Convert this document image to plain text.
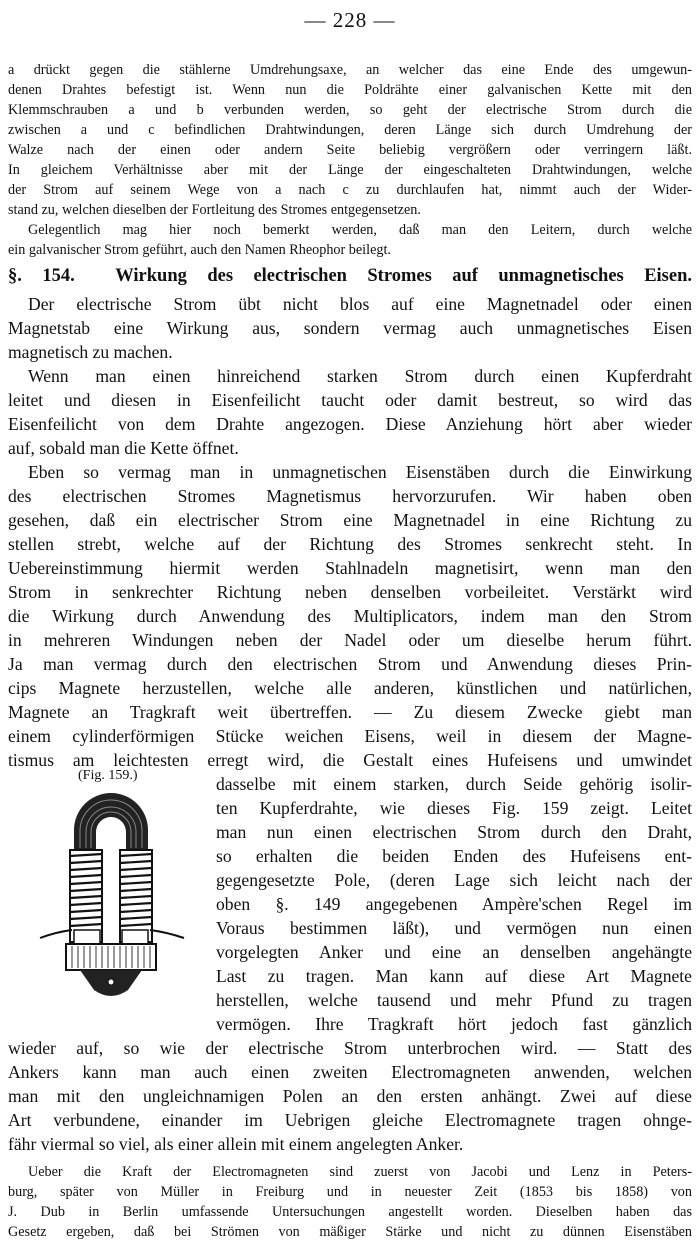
— 228 —
a drückt gegen die stählerne Umdrehungsaxe, an welcher das eine Ende des umgewun-
denen Drahtes befestigt ist. Wenn nun die Poldrähte einer galvanischen Kette mit den
Klemmschrauben a und b verbunden werden, so geht der electrische Strom durch die
zwischen a und c befindlichen Drahtwindungen, deren Länge sich durch Umdrehung der
Walze nach der einen oder andern Seite beliebig vergrößern oder verringern läßt.
In gleichem Verhältnisse aber mit der Länge der eingeschalteten Drahtwindungen, welche
der Strom auf seinem Wege von a nach c zu durchlaufen hat, nimmt auch der Wider-
stand zu, welchen dieselben der Fortleitung des Stromes entgegensetzen.
Gelegentlich mag hier noch bemerkt werden, daß man den Leitern, durch welche
ein galvanischer Strom geführt, auch den Namen Rheophor beilegt.
§. 154. Wirkung des electrischen Stromes auf unmagnetisches Eisen.
Der electrische Strom übt nicht blos auf eine Magnetnadel oder einen
Magnetstab eine Wirkung aus, sondern vermag auch unmagnetisches Eisen
magnetisch zu machen.
Wenn man einen hinreichend starken Strom durch einen Kupferdraht
leitet und diesen in Eisenfeilicht taucht oder damit bestreut, so wird das
Eisenfeilicht von dem Drahte angezogen. Diese Anziehung hört aber wieder
auf, sobald man die Kette öffnet.
Eben so vermag man in unmagnetischen Eisenstäben durch die Einwirkung
des electrischen Stromes Magnetismus hervorzurufen. Wir haben oben
gesehen, daß ein electrischer Strom eine Magnetnadel in eine Richtung zu
stellen strebt, welche auf der Richtung des Stromes senkrecht steht. In
Uebereinstimmung hiermit werden Stahlnadeln magnetisirt, wenn man den
Strom in senkrechter Richtung neben denselben vorbeileitet. Verstärkt wird
die Wirkung durch Anwendung des Multiplicators, indem man den Strom
in mehreren Windungen neben der Nadel oder um dieselbe herum führt.
Ja man vermag durch den electrischen Strom und Anwendung dieses Prin-
cips Magnete herzustellen, welche alle anderen, künstlichen und natürlichen,
Magnete an Tragkraft weit übertreffen. — Zu diesem Zwecke giebt man
einem cylinderförmigen Stücke weichen Eisens, weil in diesem der Magne-
tismus am leichtesten erregt wird, die Gestalt eines Hufeisens und umwindet
(Fig. 159.)	dasselbe mit einem starken, durch Seide gehörig isolir-
ten Kupferdrahte, wie dieses Fig. 159 zeigt. Leitet
man nun einen electrischen Strom durch den Draht,
so erhalten die beiden Enden des Hufeisens ent-
gegengesetzte Pole, (deren Lage sich leicht nach der
oben §. 149 angegebenen Ampère'schen Regel im
Voraus bestimmen läßt), und vermögen nun einen
vorgelegten Anker und eine an denselben angehängte
Last zu tragen. Man kann auf diese Art Magnete
herstellen, welche tausend und mehr Pfund zu tragen
vermögen. Ihre Tragkraft hört jedoch fast gänzlich
wieder auf, so wie der electrische Strom unterbrochen wird. — Statt des
Ankers kann man auch einen zweiten Electromagneten anwenden, welchen
man mit den ungleichnamigen Polen an den ersten anhängt. Zwei auf diese
Art verbundene, einander im Uebrigen gleiche Electromagnete tragen ohnge-
fähr viermal so viel, als einer allein mit einem angelegten Anker.
Ueber die Kraft der Electromagneten sind zuerst von Jacobi und Lenz in Peters-
burg, später von Müller in Freiburg und in neuester Zeit (1853 bis 1858) von
J. Dub in Berlin umfassende Untersuchungen angestellt worden. Dieselben haben das
Gesetz ergeben, daß bei Strömen von mäßiger Stärke und nicht zu dünnen Eisenstäben
